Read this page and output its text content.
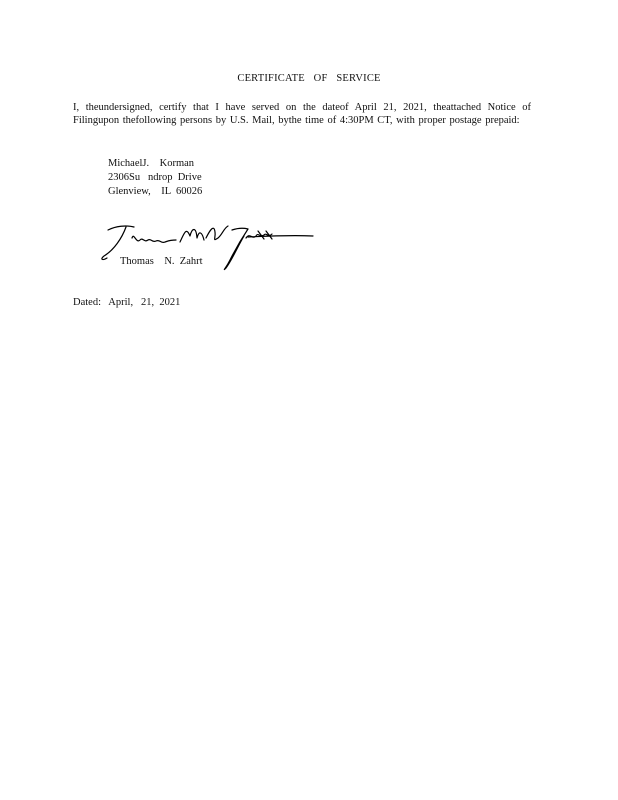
CERTIFICATE OF SERVICE
I, theundersigned, certify that I have served on the dateof April 21, 2021, theattached Notice of Filingupon thefollowing persons by U.S. Mail, bythe time of 4:30PM CT, with proper postage prepaid:
MichaelJ.    Korman
2306Su   ndrop  Drive
Glenview,    IL  60026
Thomas    N.  Zahrt
Dated:   April,   21,  2021
